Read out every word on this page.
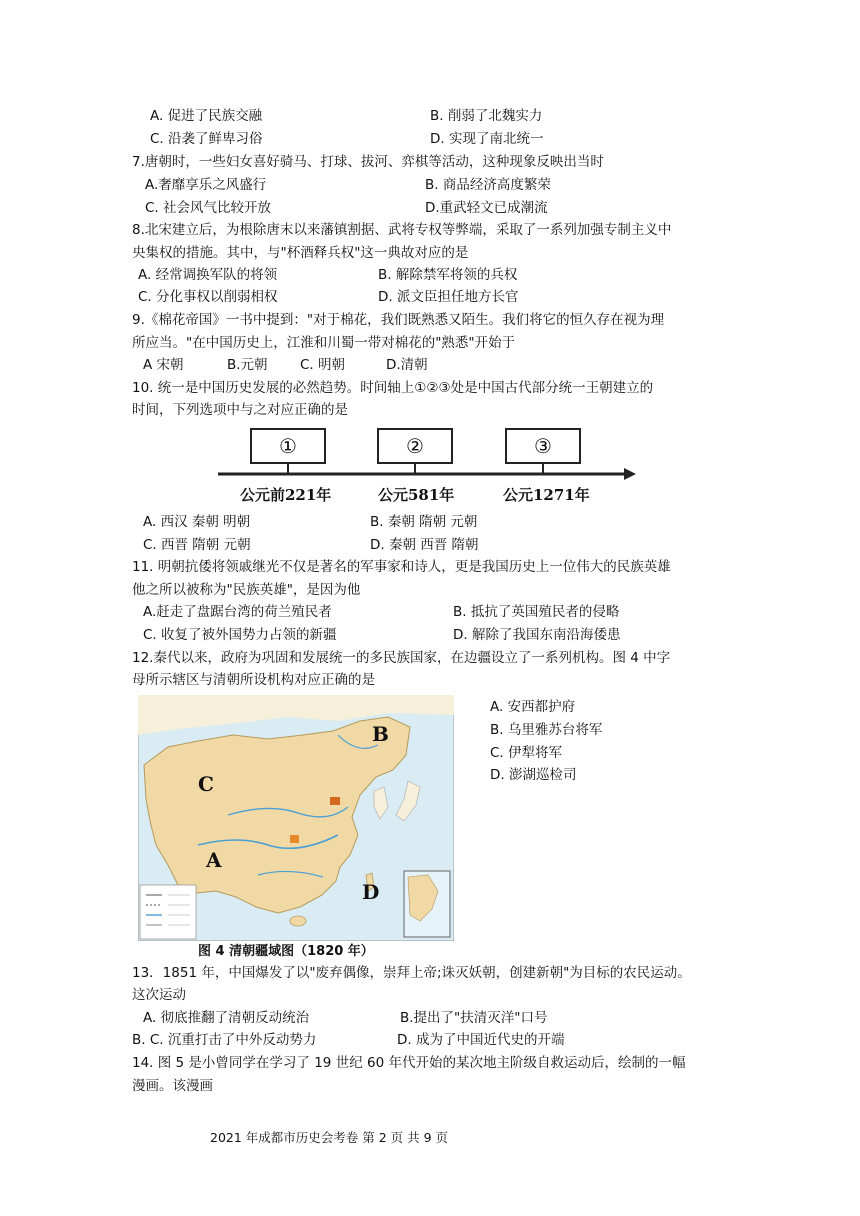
A. 促进了民族交融	B. 削弱了北魏实力
C. 沿袭了鲜卑习俗	D. 实现了南北统一
7.唐朝时，一些妇女喜好骑马、打球、拔河、弈棋等活动，这种现象反映出当时
A.奢靡享乐之风盛行	B. 商品经济高度繁荣
C. 社会风气比较开放	D.重武轻文已成潮流
8.北宋建立后，为根除唐末以来藩镇割据、武将专权等弊端，采取了一系列加强专制主义中
央集权的措施。其中，与"杯酒释兵权"这一典故对应的是
A. 经常调换军队的将领	B. 解除禁军将领的兵权
C. 分化事权以削弱相权	D. 派文臣担任地方长官
9.《棉花帝国》一书中提到："对于棉花，我们既熟悉又陌生。我们将它的恒久存在视为理
所应当。"在中国历史上，江淮和川蜀一带对棉花的"熟悉"开始于
A 宋朝	B.元朝 C. 明朝	D.清朝
10. 统一是中国历史发展的必然趋势。时间轴上①②③处是中国古代部分统一王朝建立的
时间，下列选项中与之对应正确的是
①	②	③
公元前221年	公元581年	公元1271年
A. 西汉 秦朝 明朝	B. 秦朝 隋朝 元朝
C. 西晋 隋朝 元朝	D. 秦朝 西晋 隋朝
11. 明朝抗倭将领戚继光不仅是著名的军事家和诗人，更是我国历史上一位伟大的民族英雄
他之所以被称为"民族英雄"，是因为他
A.赶走了盘踞台湾的荷兰殖民者	B. 抵抗了英国殖民者的侵略
C. 收复了被外国势力占领的新疆	D. 解除了我国东南沿海倭患
12.秦代以来，政府为巩固和发展统一的多民族国家，在边疆设立了一系列机构。图 4 中字
母所示辖区与清朝所设机构对应正确的是
A
B
C
D
图 4 清朝疆域图（1820 年）
A. 安西都护府
B. 乌里雅苏台将军
C. 伊犁将军
D. 澎湖巡检司
13．1851 年，中国爆发了以"废弃偶像，崇拜上帝;诛灭妖朝，创建新朝"为目标的农民运动。
这次运动
A. 彻底推翻了清朝反动统治	B.提出了"扶清灭洋"口号
B. C. 沉重打击了中外反动势力	D. 成为了中国近代史的开端
14. 图 5 是小曾同学在学习了 19 世纪 60 年代开始的某次地主阶级自救运动后，绘制的一幅
漫画。该漫画
2021 年成都市历史会考卷 第 2 页 共 9 页
